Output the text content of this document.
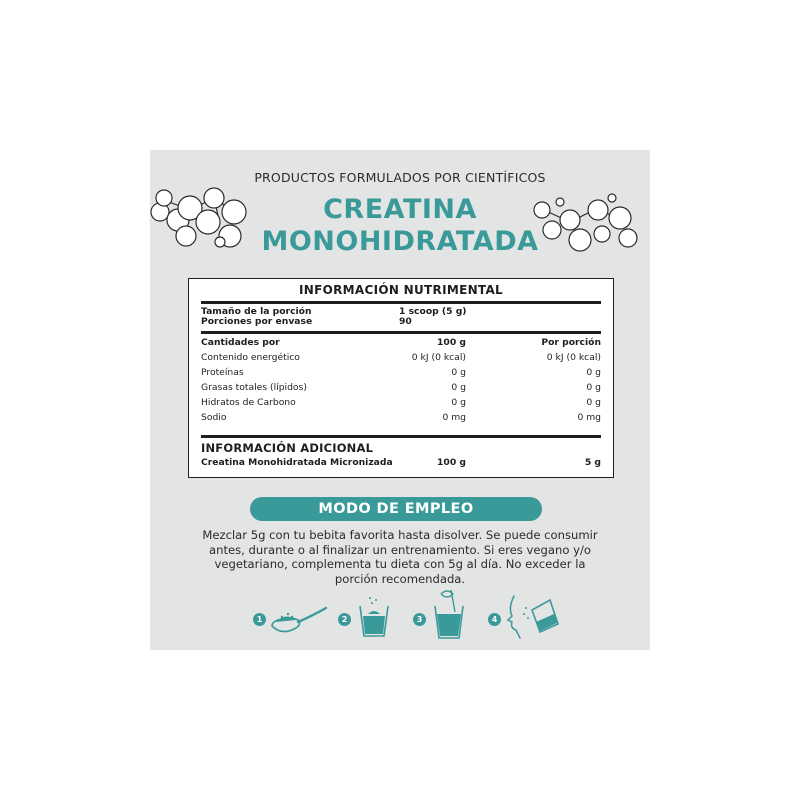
PRODUCTOS FORMULADOS POR CIENTÍFICOS
CREATINA
MONOHIDRATADA
INFORMACIÓN NUTRIMENTAL
Tamaño de la porción	1 scoop (5 g)
Porciones por envase	90
Cantidades por	100 g	Por porción
Contenido energético	0 kJ (0 kcal)	0 kJ (0 kcal)
Proteínas	0 g	0 g
Grasas totales (lípidos)	0 g	0 g
Hidratos de Carbono	0 g	0 g
Sodio	0 mg	0 mg
INFORMACIÓN ADICIONAL
Creatina Monohidratada Micronizada	100 g	5 g
MODO DE EMPLEO
Mezclar 5g con tu bebita favorita hasta disolver. Se puede consumir
antes, durante o al finalizar un entrenamiento. Si eres vegano y/o
vegetariano, complementa tu dieta con 5g al día. No exceder la
porción recomendada.
1	2	3	4
